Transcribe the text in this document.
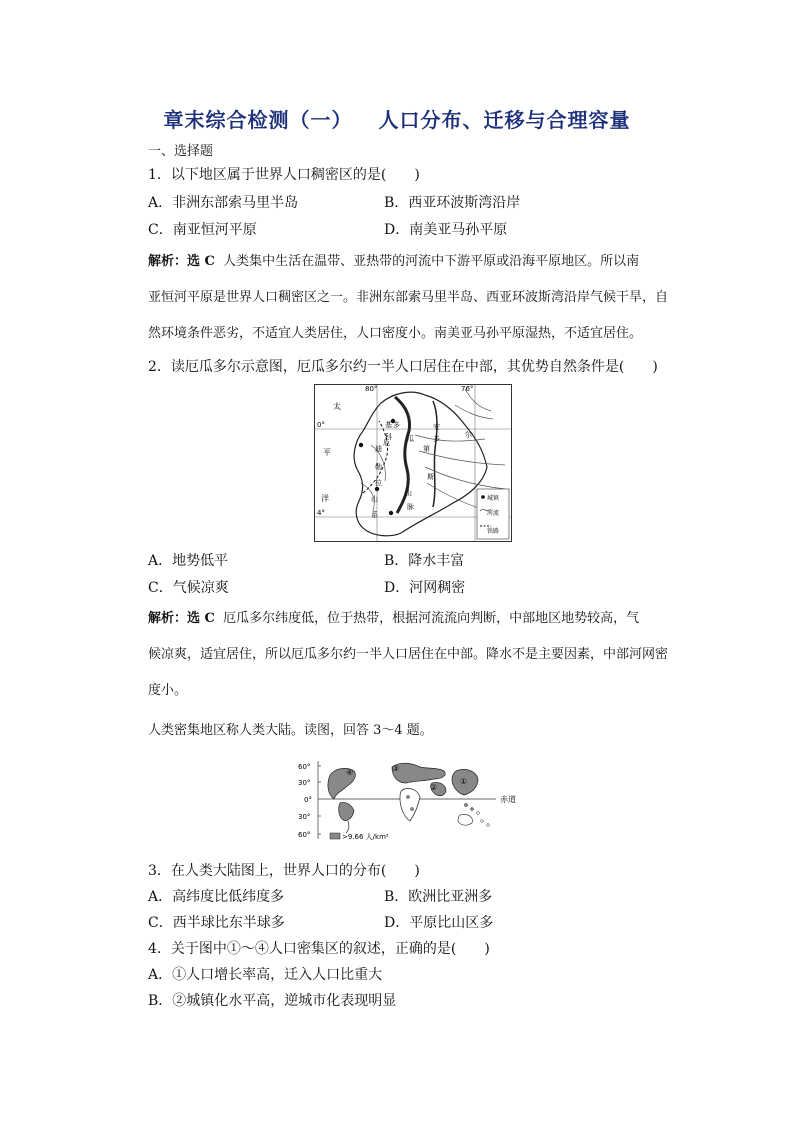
章末综合检测（一） 人口分布、迁移与合理容量
一、选择题
1．以下地区属于世界人口稠密区的是(　　)
A．非洲东部索马里半岛	B．西亚环波斯湾沿岸
C．南亚恒河平原	D．南美亚马孙平原
解析：选 C 人类集中生活在温带、亚热带的河流中下游平原或沿海平原地区。所以南
亚恒河平原是世界人口稠密区之一。非洲东部索马里半岛、西亚环波斯湾沿岸气候干旱，自
然环境条件恶劣，不适宜人类居住，人口密度小。南美亚马孙平原湿热，不适宜居住。
2．读厄瓜多尔示意图，厄瓜多尔约一半人口居住在中部，其优势自然条件是(　　)
80°	76°
0°
4°
太
平
洋
基 多
科
迪
勒
拉
山
系
厄 瓜	多	尔
安
第
斯
山
脉
城镇
河流
铁路
A．地势低平	B．降水丰富
C．气候凉爽	D．河网稠密
解析：选 C 厄瓜多尔纬度低，位于热带，根据河流流向判断，中部地区地势较高，气
候凉爽，适宜居住，所以厄瓜多尔约一半人口居住在中部。降水不是主要因素，中部河网密
度小。
人类密集地区称人类大陆。读图，回答 3～4 题。
60°
30°
0°
30°
60°
赤道
①
②
③
④
>9.66 人/km²
3．在人类大陆图上，世界人口的分布(　　)
A．高纬度比低纬度多	B．欧洲比亚洲多
C．西半球比东半球多	D．平原比山区多
4．关于图中①～④人口密集区的叙述，正确的是(　　)
A．①人口增长率高，迁入人口比重大
B．②城镇化水平高，逆城市化表现明显
